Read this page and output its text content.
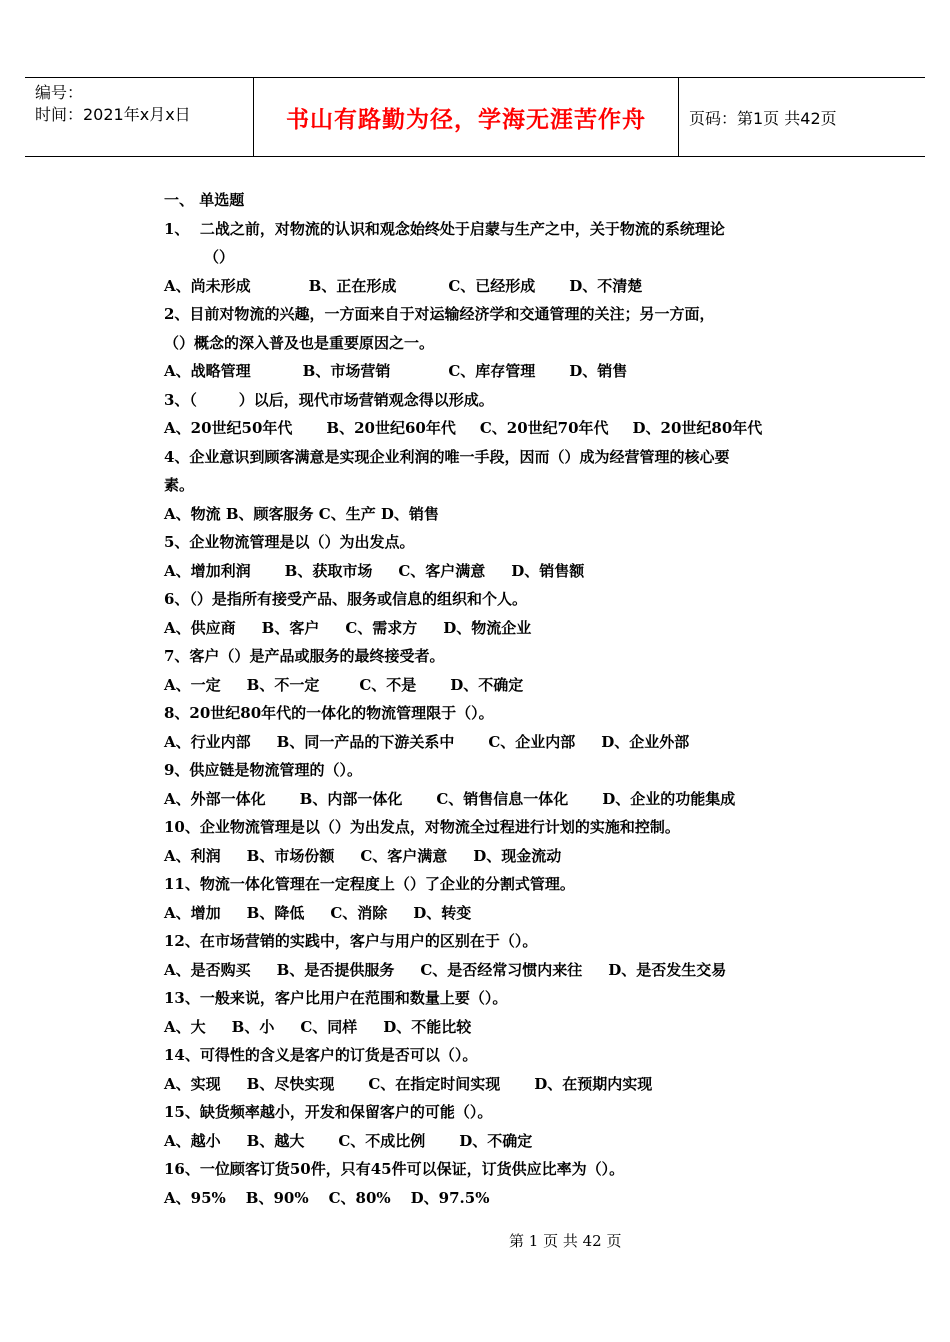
编号：
时间：2021年x月x日	书山有路勤为径，学海无涯苦作舟	页码：第1页 共42页
一、 单选题
1、  二战之前，对物流的认识和观念始终处于启蒙与生产之中，关于物流的系统理论
（）
A、尚未形成	B、正在形成	C、已经形成 D、不清楚
2、目前对物流的兴趣，一方面来自于对运输经济学和交通管理的关注；另一方面，
（）概念的深入普及也是重要原因之一。
A、战略管理	B、市场营销	C、库存管理 D、销售
3、（        ）以后，现代市场营销观念得以形成。
A、20世纪50年代 B、20世纪60年代 C、20世纪70年代 D、20世纪80年代
4、企业意识到顾客满意是实现企业利润的唯一手段，因而（）成为经营管理的核心要
素。
A、物流 B、顾客服务 C、生产 D、销售
5、企业物流管理是以（）为出发点。
A、增加利润 B、获取市场 C、客户满意 D、销售额
6、（）是指所有接受产品、服务或信息的组织和个人。
A、供应商 B、客户 C、需求方 D、物流企业
7、客户（）是产品或服务的最终接受者。
A、一定 B、不一定	C、不是 D、不确定
8、20世纪80年代的一体化的物流管理限于（）。
A、行业内部 B、同一产品的下游关系中 C、企业内部 D、企业外部
9、供应链是物流管理的（）。
A、外部一体化 B、内部一体化 C、销售信息一体化 D、企业的功能集成
10、企业物流管理是以（）为出发点，对物流全过程进行计划的实施和控制。
A、利润 B、市场份额 C、客户满意 D、现金流动
11、物流一体化管理在一定程度上（）了企业的分割式管理。
A、增加 B、降低 C、消除 D、转变
12、在市场营销的实践中，客户与用户的区别在于（）。
A、是否购买 B、是否提供服务 C、是否经常习惯内来往 D、是否发生交易
13、一般来说，客户比用户在范围和数量上要（）。
A、大 B、小 C、同样 D、不能比较
14、可得性的含义是客户的订货是否可以（）。
A、实现 B、尽快实现 C、在指定时间实现 D、在预期内实现
15、缺货频率越小，开发和保留客户的可能（）。
A、越小 B、越大 C、不成比例 D、不确定
16、一位顾客订货50件，只有45件可以保证，订货供应比率为（）。
A、95% B、90% C、80% D、97.5%
第 1 页 共 42 页
